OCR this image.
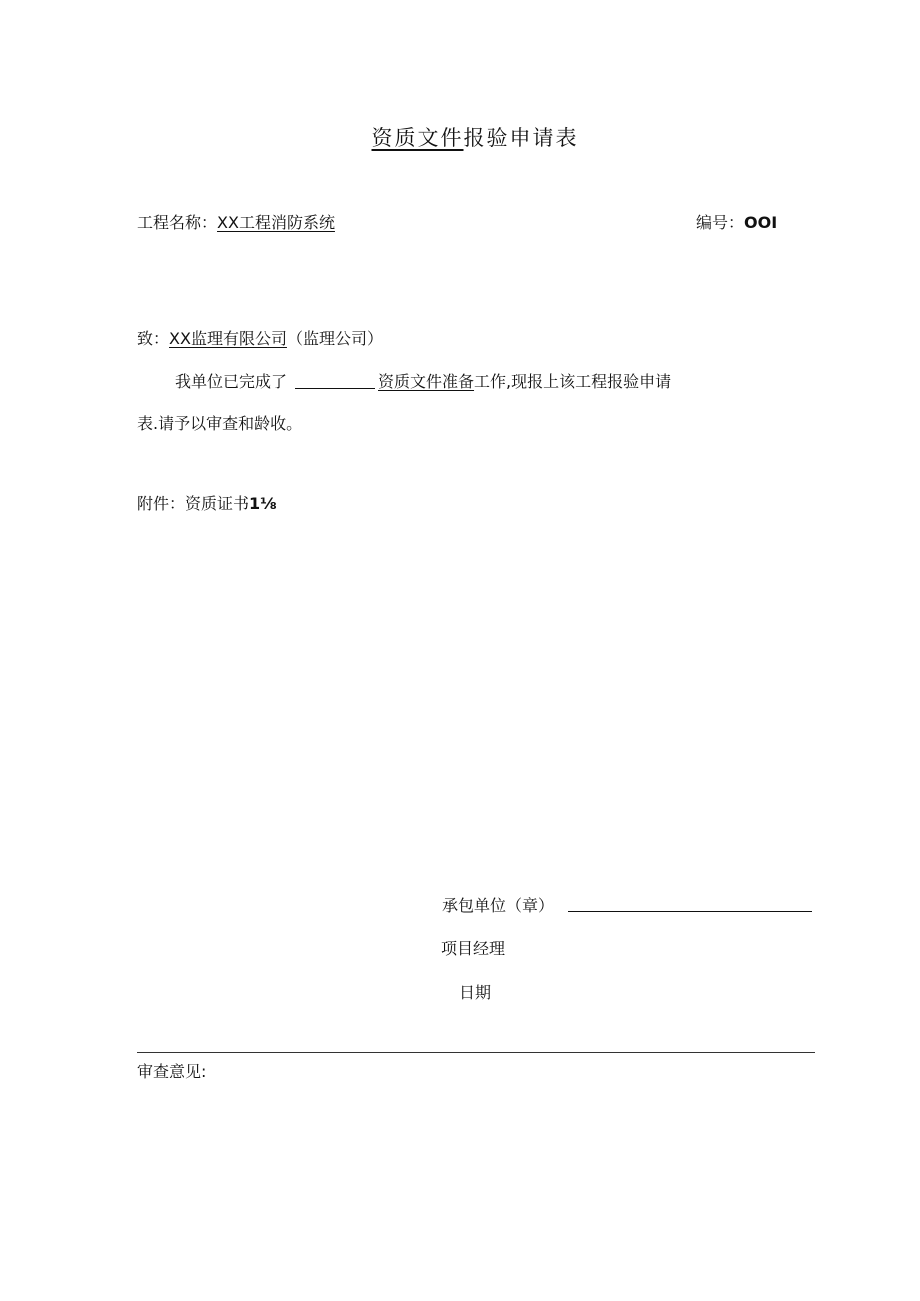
资质文件报验申请表
工程名称：XX工程消防系统	编号：OOI
致：XX监理有限公司（监理公司）
我单位已完成了	资质文件准备工作,现报上该工程报验申请
表.请予以审查和龄收。
附件：资质证书1⅛
承包单位（章）
项目经理
日期
审查意见:
